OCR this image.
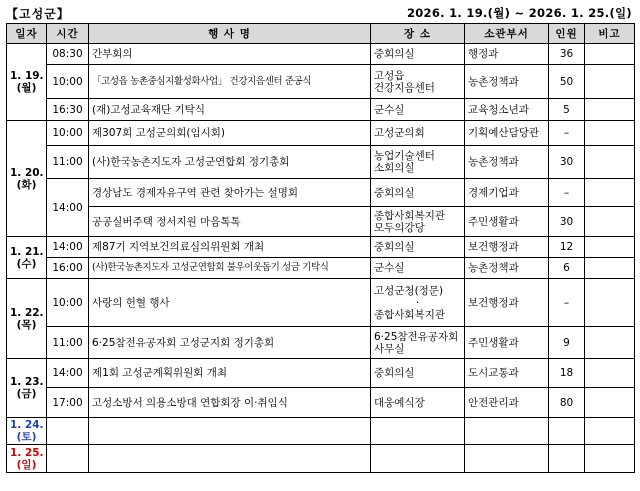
【고성군】	2026. 1. 19.(월) ~ 2026. 1. 25.(일)
일자	시간	행 사 명	장 소	소관부서	인원	비고
1. 19.
(월)	08:30	간부회의	중회의실	행정과	36	
	10:00	「고성읍 농촌중심지활성화사업」 건강지음센터 준공식	고성읍
건강지음센터	농촌정책과	50	
	16:30	(재)고성교육재단 기탁식	군수실	교육청소년과	5	
1. 20.
(화)	10:00	제307회 고성군의회(임시회)	고성군의회	기획예산담당관	–	
	11:00	(사)한국농촌지도자 고성군연합회 정기총회	농업기술센터
소회의실	농촌정책과	30	
	14:00	경상남도 경제자유구역 관련 찾아가는 설명회	중회의실	경제기업과	–	
		공공실버주택 정서지원 마음톡톡	종합사회복지관
모두의강당	주민생활과	30	
1. 21.
(수)	14:00	제87기 지역보건의료심의위원회 개최	중회의실	보건행정과	12	
	16:00	(사)한국농촌지도자 고성군연합회 불우이웃돕기 성금 기탁식	군수실	농촌정책과	6	
1. 22.
(목)	10:00	사랑의 헌혈 행사	고성군청(정문)
·
종합사회복지관	보건행정과	–	
	11:00	6·25참전유공자회 고성군지회 정기총회	6·25참전유공자회
사무실	주민생활과	9	
1. 23.
(금)	14:00	제1회 고성군계획위원회 개최	중회의실	도시교통과	18	
	17:00	고성소방서 의용소방대 연합회장 이·취임식	대웅예식장	안전관리과	80	
1. 24.
(토)						
1. 25.
(일)						
